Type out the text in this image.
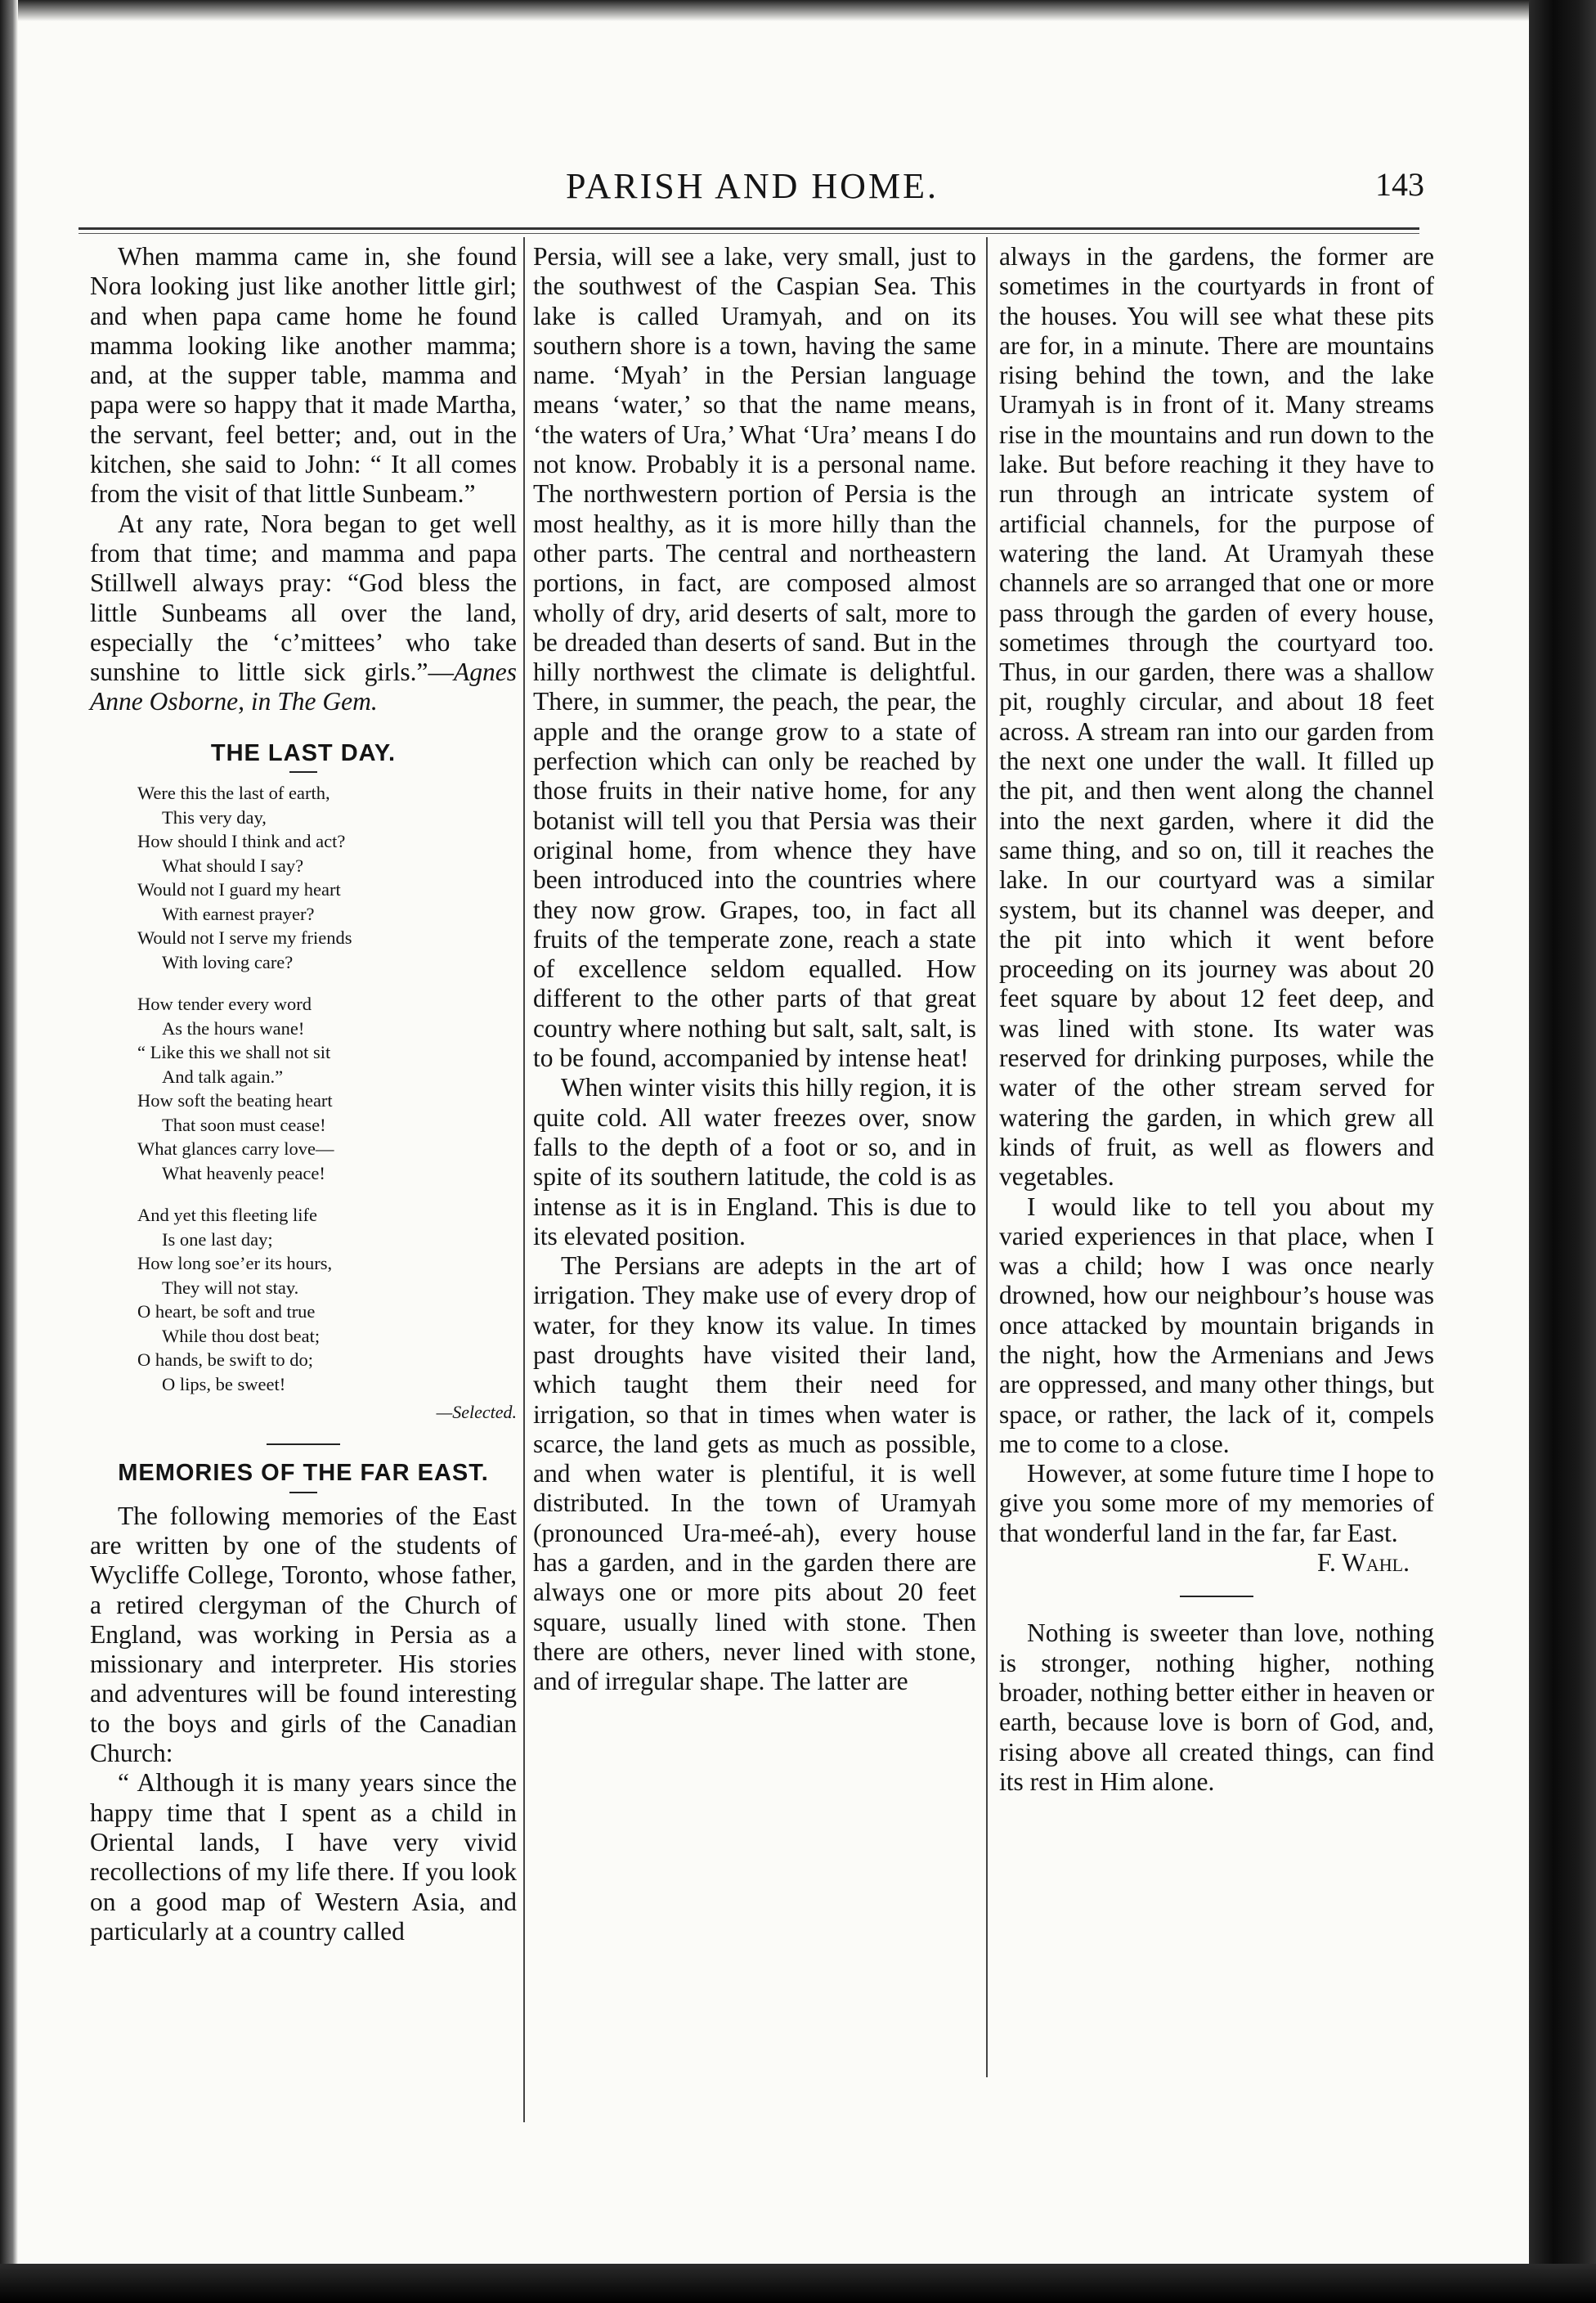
PARISH AND HOME.	143

When mamma came in, she found Nora looking just like another little girl; and when papa came home he found mamma looking like another mamma; and, at the supper table, mamma and papa were so happy that it made Martha, the servant, feel better; and, out in the kitchen, she said to John: “ It all comes from the visit of that little Sunbeam.”

At any rate, Nora began to get well from that time; and mamma and papa Stillwell always pray: “God bless the little Sunbeams all over the land, especially the ‘c’mittees’ who take sunshine to little sick girls.”—Agnes Anne Osborne, in The Gem.

THE LAST DAY.
Were this the last of earth,
This very day,
How should I think and act?
What should I say?
Would not I guard my heart
With earnest prayer?
Would not I serve my friends
With loving care?
How tender every word
As the hours wane!
“ Like this we shall not sit
And talk again.”
How soft the beating heart
That soon must cease!
What glances carry love—
What heavenly peace!
And yet this fleeting life
Is one last day;
How long soe’er its hours,
They will not stay.
O heart, be soft and true
While thou dost beat;
O hands, be swift to do;
O lips, be sweet!
—Selected.
MEMORIES OF THE FAR EAST.

The following memories of the East are written by one of the students of Wycliffe College, Toronto, whose father, a retired clergyman of the Church of England, was working in Persia as a missionary and interpreter. His stories and adventures will be found interesting to the boys and girls of the Canadian Church:

“ Although it is many years since the happy time that I spent as a child in Oriental lands, I have very vivid recollections of my life there. If you look on a good map of Western Asia, and particularly at a country called

Persia, will see a lake, very small, just to the southwest of the Caspian Sea. This lake is called Uramyah, and on its southern shore is a town, having the same name. ‘Myah’ in the Persian language means ‘water,’ so that the name means, ‘the waters of Ura,’ What ‘Ura’ means I do not know. Probably it is a personal name. The northwestern portion of Persia is the most healthy, as it is more hilly than the other parts. The central and northeastern portions, in fact, are composed almost wholly of dry, arid deserts of salt, more to be dreaded than deserts of sand. But in the hilly northwest the climate is delightful. There, in summer, the peach, the pear, the apple and the orange grow to a state of perfection which can only be reached by those fruits in their native home, for any botanist will tell you that Persia was their original home, from whence they have been introduced into the countries where they now grow. Grapes, too, in fact all fruits of the temperate zone, reach a state of excellence seldom equalled. How different to the other parts of that great country where nothing but salt, salt, salt, is to be found, accompanied by intense heat!

When winter visits this hilly region, it is quite cold. All water freezes over, snow falls to the depth of a foot or so, and in spite of its southern latitude, the cold is as intense as it is in England. This is due to its elevated position.

The Persians are adepts in the art of irrigation. They make use of every drop of water, for they know its value. In times past droughts have visited their land, which taught them their need for irrigation, so that in times when water is scarce, the land gets as much as possible, and when water is plentiful, it is well distributed. In the town of Uramyah (pronounced Ura-meé-ah), every house has a garden, and in the garden there are always one or more pits about 20 feet square, usually lined with stone. Then there are others, never lined with stone, and of irregular shape. The latter are

always in the gardens, the former are sometimes in the courtyards in front of the houses. You will see what these pits are for, in a minute. There are mountains rising behind the town, and the lake Uramyah is in front of it. Many streams rise in the mountains and run down to the lake. But before reaching it they have to run through an intricate system of artificial channels, for the purpose of watering the land. At Uramyah these channels are so arranged that one or more pass through the garden of every house, sometimes through the courtyard too. Thus, in our garden, there was a shallow pit, roughly circular, and about 18 feet across. A stream ran into our garden from the next one under the wall. It filled up the pit, and then went along the channel into the next garden, where it did the same thing, and so on, till it reaches the lake. In our courtyard was a similar system, but its channel was deeper, and the pit into which it went before proceeding on its journey was about 20 feet square by about 12 feet deep, and was lined with stone. Its water was reserved for drinking purposes, while the water of the other stream served for watering the garden, in which grew all kinds of fruit, as well as flowers and vegetables.

I would like to tell you about my varied experiences in that place, when I was a child; how I was once nearly drowned, how our neighbour’s house was once attacked by mountain brigands in the night, how the Armenians and Jews are oppressed, and many other things, but space, or rather, the lack of it, compels me to come to a close.

However, at some future time I hope to give you some more of my memories of that wonderful land in the far, far East.

F. Wahl.

Nothing is sweeter than love, nothing is stronger, nothing higher, nothing broader, nothing better either in heaven or earth, because love is born of God, and, rising above all created things, can find its rest in Him alone.
